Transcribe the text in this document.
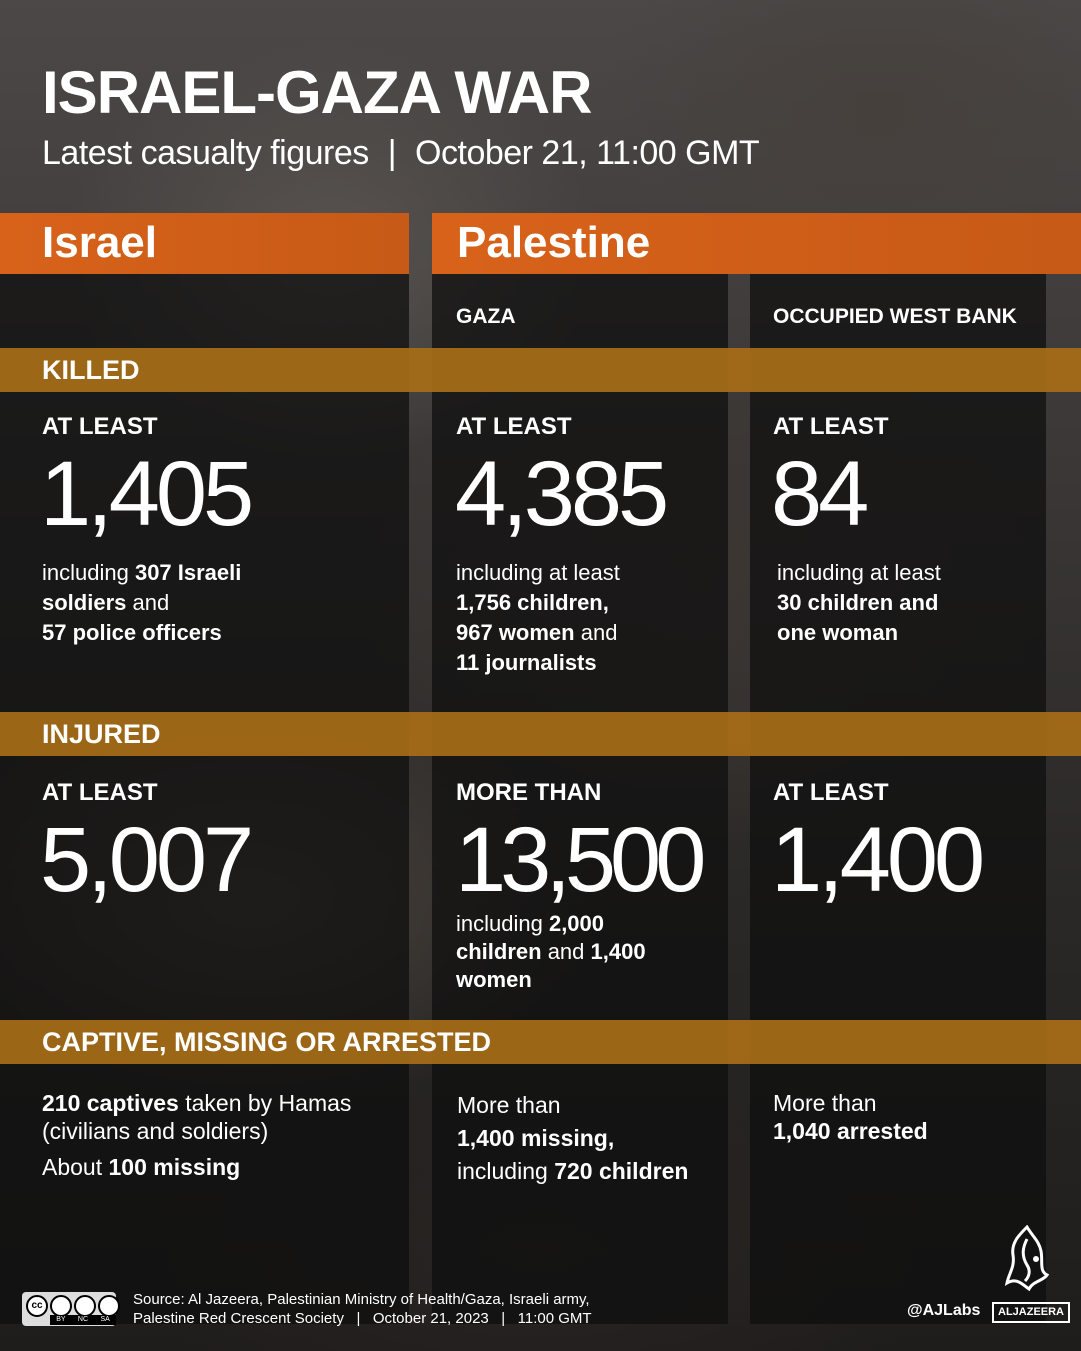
ISRAEL-GAZA WAR
Latest casualty figures | October 21, 11:00 GMT
Israel	Palestine
GAZA	OCCUPIED WEST BANK
KILLED
AT LEAST
1,405
including 307 Israeli
soldiers and
57 police officers
AT LEAST
4,385
including at least
1,756 children,
967 women and
11 journalists
AT LEAST
84
including at least
30 children and
one woman
INJURED
AT LEAST
5,007
MORE THAN
13,500
including 2,000
children and 1,400
women
AT LEAST
1,400
CAPTIVE, MISSING OR ARRESTED
210 captives taken by Hamas
(civilians and soldiers)
About 100 missing
More than
1,400 missing,
including 720 children
More than
1,040 arrested
cc
BY NC SA
Source: Al Jazeera, Palestinian Ministry of Health/Gaza, Israeli army,
Palestine Red Crescent Society   |   October 21, 2023   |   11:00 GMT	@AJLabs	ALJAZEERA
